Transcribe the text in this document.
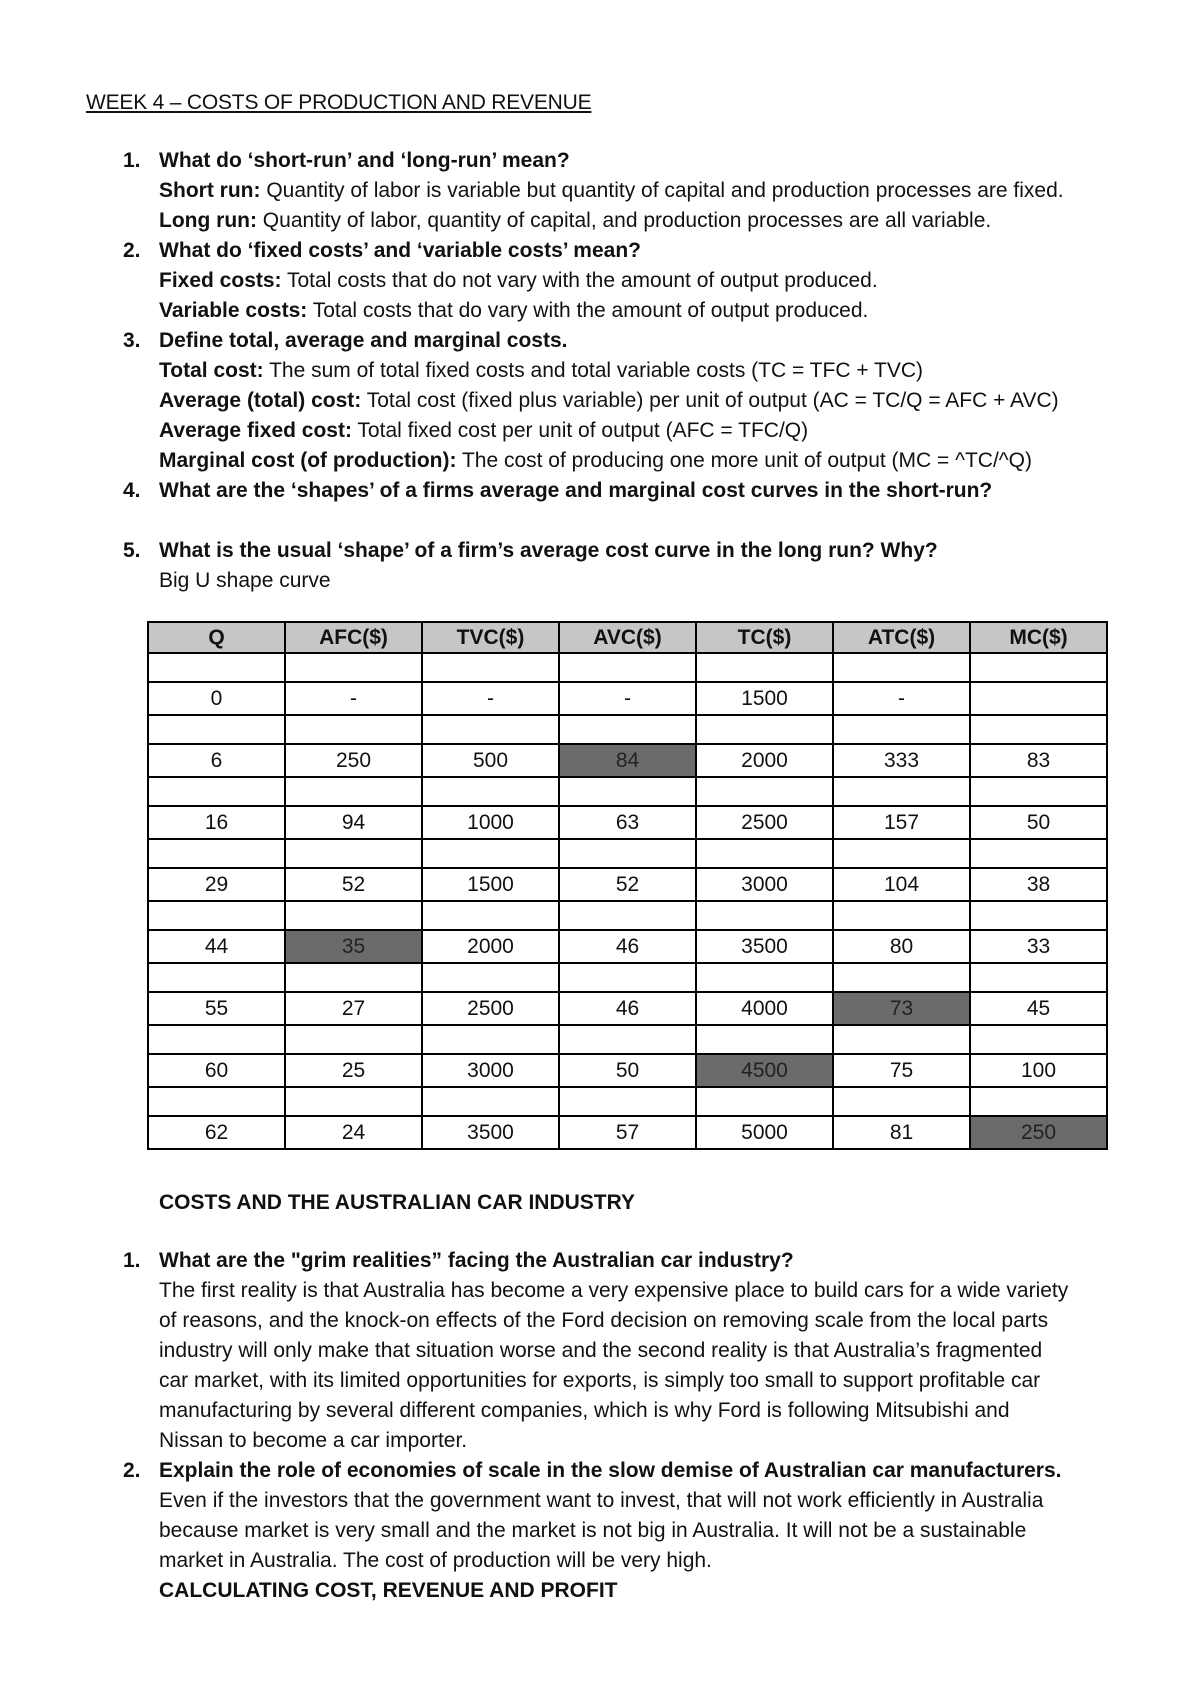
WEEK 4 – COSTS OF PRODUCTION AND REVENUE
1. What do ‘short-run’ and ‘long-run’ mean?
Short run: Quantity of labor is variable but quantity of capital and production processes are fixed.
Long run: Quantity of labor, quantity of capital, and production processes are all variable.
2. What do ‘fixed costs’ and ‘variable costs’ mean?
Fixed costs: Total costs that do not vary with the amount of output produced.
Variable costs: Total costs that do vary with the amount of output produced.
3. Define total, average and marginal costs.
Total cost: The sum of total fixed costs and total variable costs (TC = TFC + TVC)
Average (total) cost: Total cost (fixed plus variable) per unit of output (AC = TC/Q = AFC + AVC)
Average fixed cost: Total fixed cost per unit of output (AFC = TFC/Q)
Marginal cost (of production): The cost of producing one more unit of output (MC = ^TC/^Q)
4. What are the ‘shapes’ of a firms average and marginal cost curves in the short-run?
5. What is the usual ‘shape’ of a firm’s average cost curve in the long run? Why?
Big U shape curve
Q	AFC($)	TVC($)	AVC($)	TC($)	ATC($)	MC($)

0	-	-	-	1500	-	

6	250	500	84	2000	333	83

16	94	1000	63	2500	157	50

29	52	1500	52	3000	104	38

44	35	2000	46	3500	80	33

55	27	2500	46	4000	73	45

60	25	3000	50	4500	75	100

62	24	3500	57	5000	81	250
COSTS AND THE AUSTRALIAN CAR INDUSTRY
1. What are the "grim realities” facing the Australian car industry?
The first reality is that Australia has become a very expensive place to build cars for a wide variety
of reasons, and the knock-on effects of the Ford decision on removing scale from the local parts
industry will only make that situation worse and the second reality is that Australia’s fragmented
car market, with its limited opportunities for exports, is simply too small to support profitable car
manufacturing by several different companies, which is why Ford is following Mitsubishi and
Nissan to become a car importer.
2. Explain the role of economies of scale in the slow demise of Australian car manufacturers.
Even if the investors that the government want to invest, that will not work efficiently in Australia
because market is very small and the market is not big in Australia. It will not be a sustainable
market in Australia. The cost of production will be very high.
CALCULATING COST, REVENUE AND PROFIT
